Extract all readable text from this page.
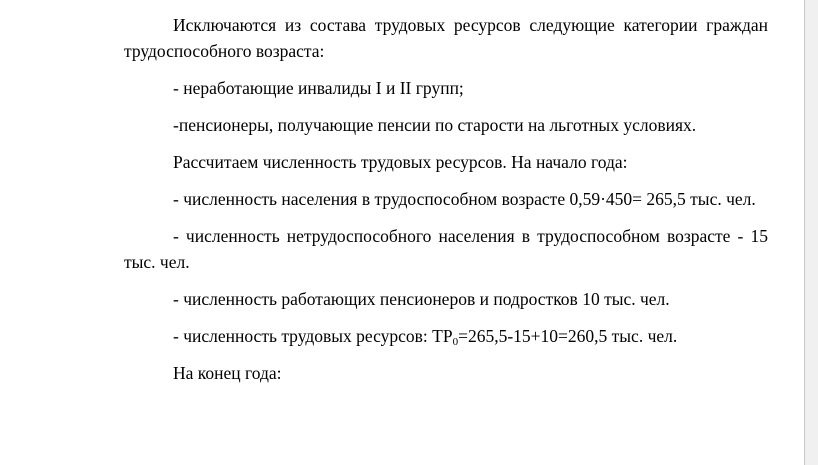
Исключаются из состава трудовых ресурсов следующие категории граждан трудоспособного возраста:

- неработающие инвалиды I и II групп;

-пенсионеры, получающие пенсии по старости на льготных условиях.

Рассчитаем численность трудовых ресурсов. На начало года:

- численность населения в трудоспособном возрасте 0,59·450= 265,5 тыс. чел.

- численность нетрудоспособного населения в трудоспособном возрасте - 15 тыс. чел.

- численность работающих пенсионеров и подростков 10 тыс. чел.

- численность трудовых ресурсов: $ТР_0=265,5-15+10=260,5$ тыс. чел.

На конец года:
